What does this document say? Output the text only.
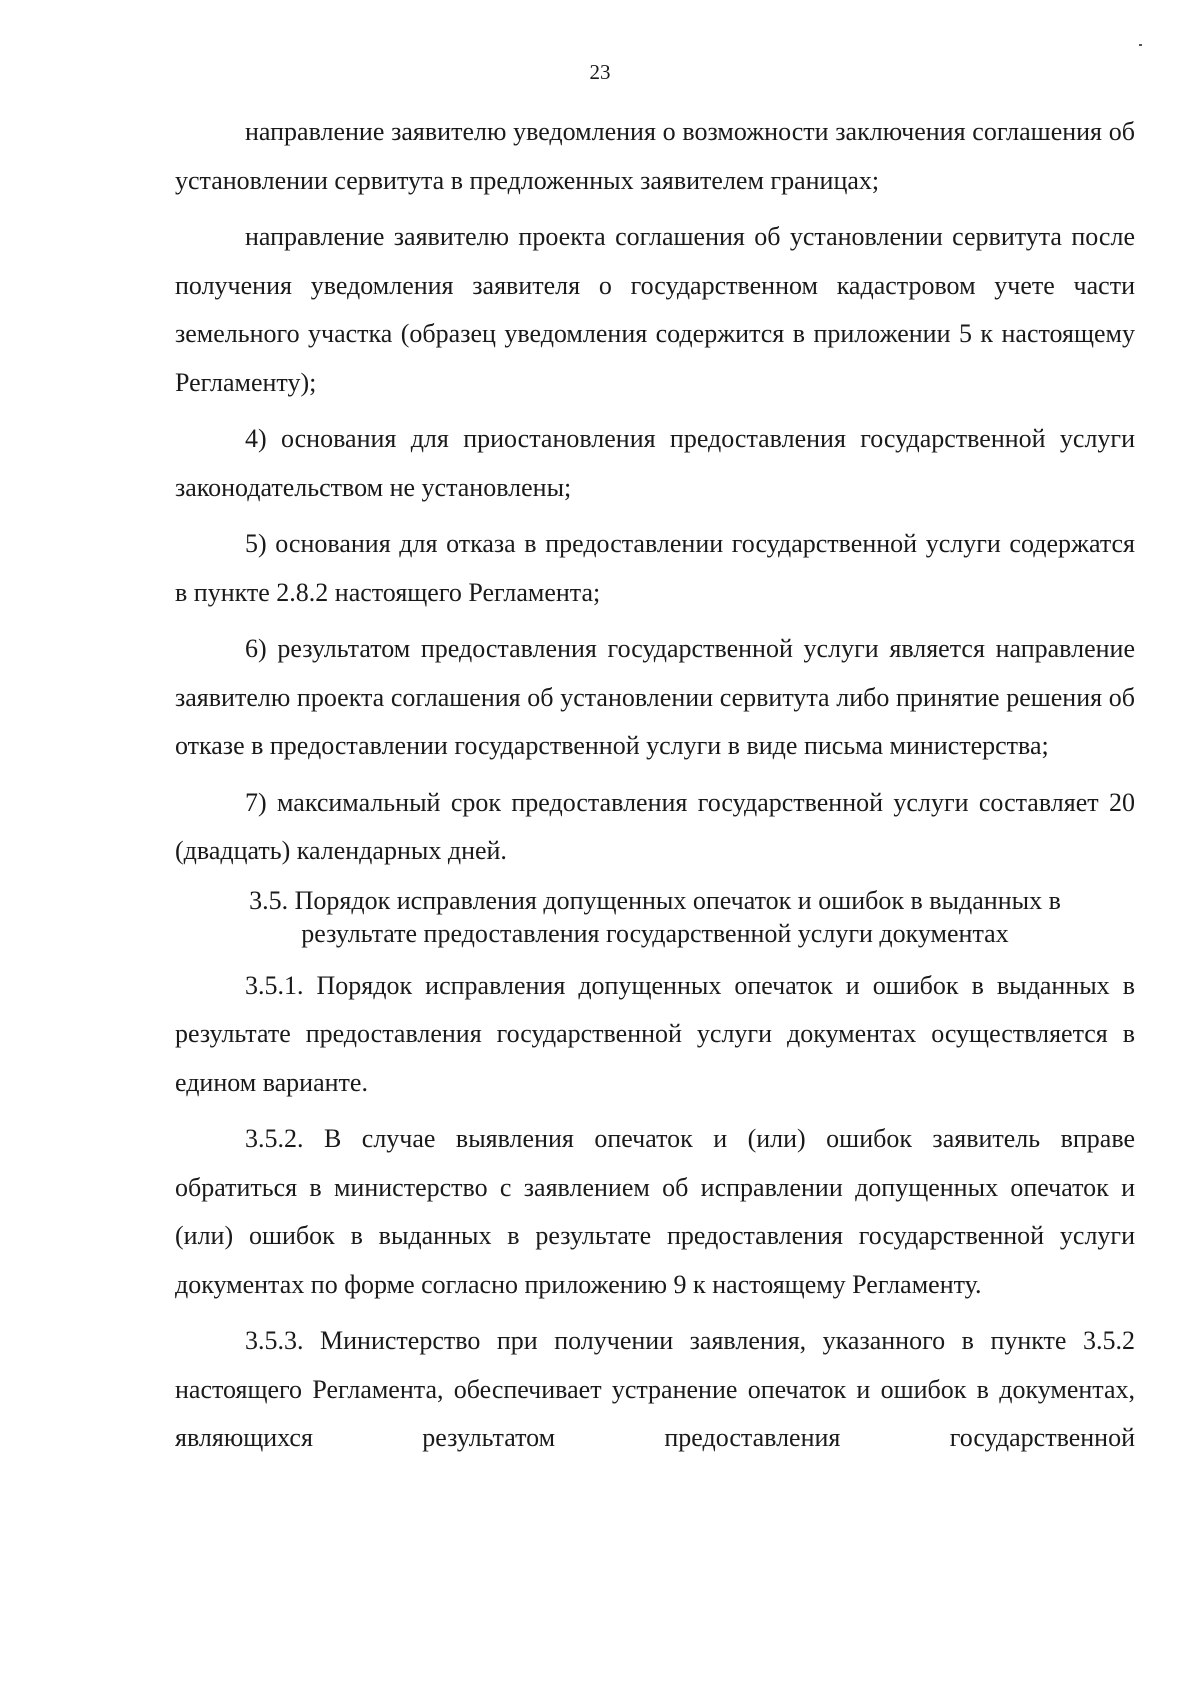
23

направление заявителю уведомления о возможности заключения соглашения об установлении сервитута в предложенных заявителем границах;

направление заявителю проекта соглашения об установлении сервитута после получения уведомления заявителя о государственном кадастровом учете части земельного участка (образец уведомления содержится в приложении 5 к настоящему Регламенту);

4) основания для приостановления предоставления государственной услуги законодательством не установлены;

5) основания для отказа в предоставлении государственной услуги содержатся в пункте 2.8.2 настоящего Регламента;

6) результатом предоставления государственной услуги является направление заявителю проекта соглашения об установлении сервитута либо принятие решения об отказе в предоставлении государственной услуги в виде письма министерства;

7) максимальный срок предоставления государственной услуги составляет 20 (двадцать) календарных дней.

3.5. Порядок исправления допущенных опечаток и ошибок в выданных в результате предоставления государственной услуги документах

3.5.1. Порядок исправления допущенных опечаток и ошибок в выданных в результате предоставления государственной услуги документах осуществляется в едином варианте.

3.5.2. В случае выявления опечаток и (или) ошибок заявитель вправе обратиться в министерство с заявлением об исправлении допущенных опечаток и (или) ошибок в выданных в результате предоставления государственной услуги документах по форме согласно приложению 9 к настоящему Регламенту.

3.5.3. Министерство при получении заявления, указанного в пункте 3.5.2 настоящего Регламента, обеспечивает устранение опечаток и ошибок в документах, являющихся результатом предоставления государственной
